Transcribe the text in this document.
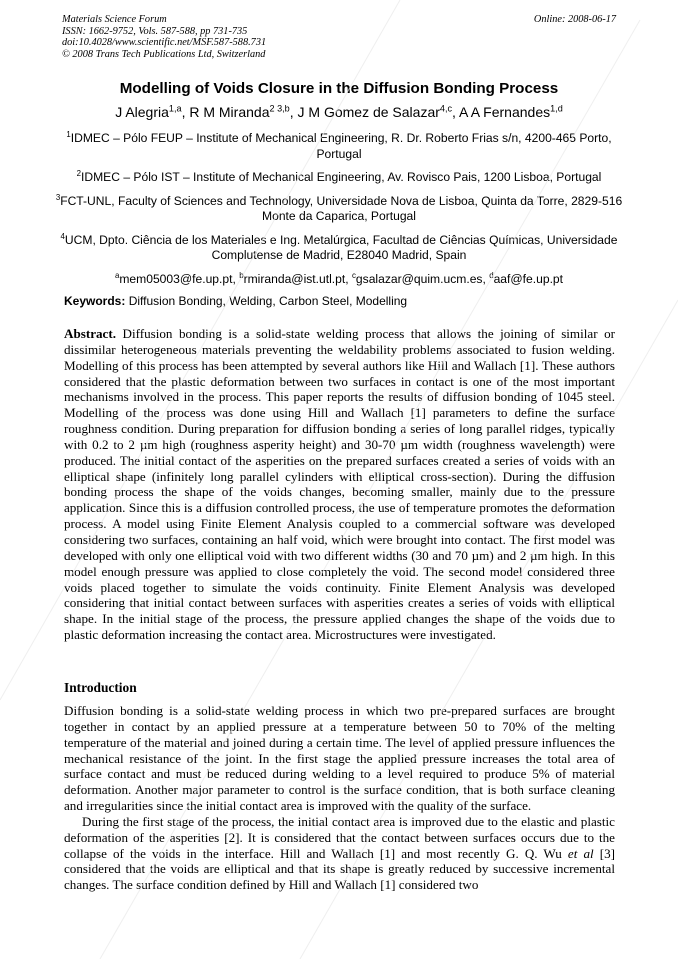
Materials Science Forum
ISSN: 1662-9752, Vols. 587-588, pp 731-735
doi:10.4028/www.scientific.net/MSF.587-588.731
© 2008 Trans Tech Publications Ltd, Switzerland
Online: 2008-06-17
Modelling of Voids Closure in the Diffusion Bonding Process
J Alegria$^{1,a}$, R M Miranda$^{2 3,b}$, J M Gomez de Salazar$^{4,c}$, A A Fernandes$^{1,d}$
$^1$IDMEC – Pólo FEUP – Institute of Mechanical Engineering, R. Dr. Roberto Frias s/n, 4200-465 Porto, Portugal
$^2$IDMEC – Pólo IST – Institute of Mechanical Engineering, Av. Rovisco Pais, 1200 Lisboa, Portugal
$^3$FCT-UNL, Faculty of Sciences and Technology, Universidade Nova de Lisboa, Quinta da Torre, 2829-516 Monte da Caparica, Portugal
$^4$UCM, Dpto. Ciência de los Materiales e Ing. Metalúrgica, Facultad de Ciências Químicas, Universidade Complutense de Madrid, E28040 Madrid, Spain
$^a$mem05003@fe.up.pt, $^b$rmiranda@ist.utl.pt, $^c$gsalazar@quim.ucm.es, $^d$aaf@fe.up.pt
Keywords: Diffusion Bonding, Welding, Carbon Steel, Modelling

Abstract. Diffusion bonding is a solid-state welding process that allows the joining of similar or dissimilar heterogeneous materials preventing the weldability problems associated to fusion welding. Modelling of this process has been attempted by several authors like Hill and Wallach [1]. These authors considered that the plastic deformation between two surfaces in contact is one of the most important mechanisms involved in the process. This paper reports the results of diffusion bonding of 1045 steel. Modelling of the process was done using Hill and Wallach [1] parameters to define the surface roughness condition. During preparation for diffusion bonding a series of long parallel ridges, typically with 0.2 to 2 µm high (roughness asperity height) and 30-70 µm width (roughness wavelength) were produced. The initial contact of the asperities on the prepared surfaces created a series of voids with an elliptical shape (infinitely long parallel cylinders with elliptical cross-section). During the diffusion bonding process the shape of the voids changes, becoming smaller, mainly due to the pressure application. Since this is a diffusion controlled process, the use of temperature promotes the deformation process. A model using Finite Element Analysis coupled to a commercial software was developed considering two surfaces, containing an half void, which were brought into contact. The first model was developed with only one elliptical void with two different widths (30 and 70 µm) and 2 µm high. In this model enough pressure was applied to close completely the void. The second model considered three voids placed together to simulate the voids continuity. Finite Element Analysis was developed considering that initial contact between surfaces with asperities creates a series of voids with elliptical shape. In the initial stage of the process, the pressure applied changes the shape of the voids due to plastic deformation increasing the contact area. Microstructures were investigated.

Introduction

Diffusion bonding is a solid-state welding process in which two pre-prepared surfaces are brought together in contact by an applied pressure at a temperature between 50 to 70% of the melting temperature of the material and joined during a certain time. The level of applied pressure influences the mechanical resistance of the joint. In the first stage the applied pressure increases the total area of surface contact and must be reduced during welding to a level required to produce 5% of material deformation. Another major parameter to control is the surface condition, that is both surface cleaning and irregularities since the initial contact area is improved with the quality of the surface.

During the first stage of the process, the initial contact area is improved due to the elastic and plastic deformation of the asperities [2]. It is considered that the contact between surfaces occurs due to the collapse of the voids in the interface. Hill and Wallach [1] and most recently G. Q. Wu et al [3] considered that the voids are elliptical and that its shape is greatly reduced by successive incremental changes. The surface condition defined by Hill and Wallach [1] considered two
